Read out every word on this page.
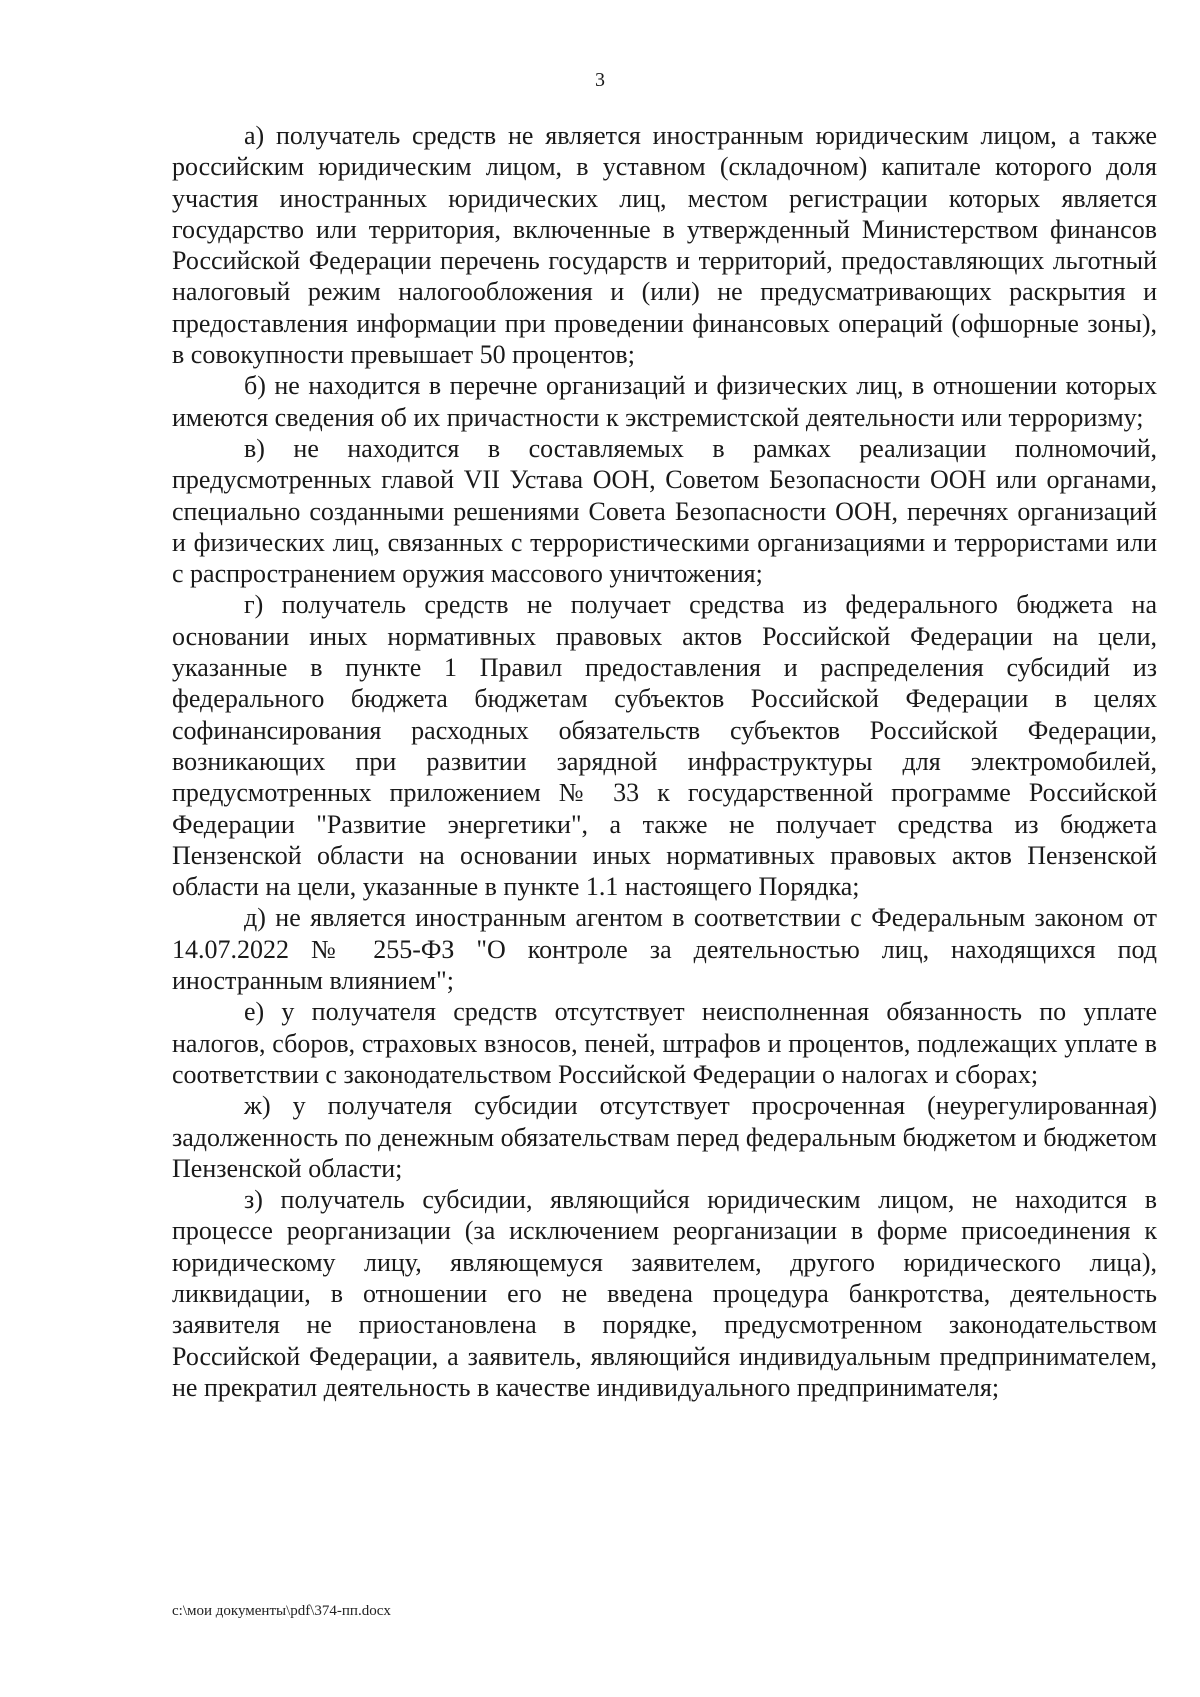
3

а) получатель средств не является иностранным юридическим лицом, а также российским юридическим лицом, в уставном (складочном) капитале которого доля участия иностранных юридических лиц, местом регистрации которых является государство или территория, включенные в утвержденный Министерством финансов Российской Федерации перечень государств и территорий, предоставляющих льготный налоговый режим налогообложения и (или) не предусматривающих раскрытия и предоставления информации при проведении финансовых операций (офшорные зоны), в совокупности превышает 50 процентов;

б) не находится в перечне организаций и физических лиц, в отношении которых имеются сведения об их причастности к экстремистской деятельности или терроризму;

в) не находится в составляемых в рамках реализации полномочий, предусмотренных главой VII Устава ООН, Советом Безопасности ООН или органами, специально созданными решениями Совета Безопасности ООН, перечнях организаций и физических лиц, связанных с террористическими организациями и террористами или с распространением оружия массового уничтожения;

г) получатель средств не получает средства из федерального бюджета на основании иных нормативных правовых актов Российской Федерации на цели, указанные в пункте 1 Правил предоставления и распределения субсидий из федерального бюджета бюджетам субъектов Российской Федерации в целях софинансирования расходных обязательств субъектов Российской Федерации, возникающих при развитии зарядной инфраструктуры для электромобилей, предусмотренных приложением № 33 к государственной программе Российской Федерации "Развитие энергетики", а также не получает средства из бюджета Пензенской области на основании иных нормативных правовых актов Пензенской области на цели, указанные в пункте 1.1 настоящего Порядка;

д) не является иностранным агентом в соответствии с Федеральным законом от 14.07.2022 № 255-ФЗ "О контроле за деятельностью лиц, находящихся под иностранным влиянием";

е) у получателя средств отсутствует неисполненная обязанность по уплате налогов, сборов, страховых взносов, пеней, штрафов и процентов, подлежащих уплате в соответствии с законодательством Российской Федерации о налогах и сборах;

ж) у получателя субсидии отсутствует просроченная (неурегулированная) задолженность по денежным обязательствам перед федеральным бюджетом и бюджетом Пензенской области;

з) получатель субсидии, являющийся юридическим лицом, не находится в процессе реорганизации (за исключением реорганизации в форме присоединения к юридическому лицу, являющемуся заявителем, другого юридического лица), ликвидации, в отношении его не введена процедура банкротства, деятельность заявителя не приостановлена в порядке, предусмотренном законодательством Российской Федерации, а заявитель, являющийся индивидуальным предпринимателем, не прекратил деятельность в качестве индивидуального предпринимателя;

c:\мои документы\pdf\374-пп.docx
